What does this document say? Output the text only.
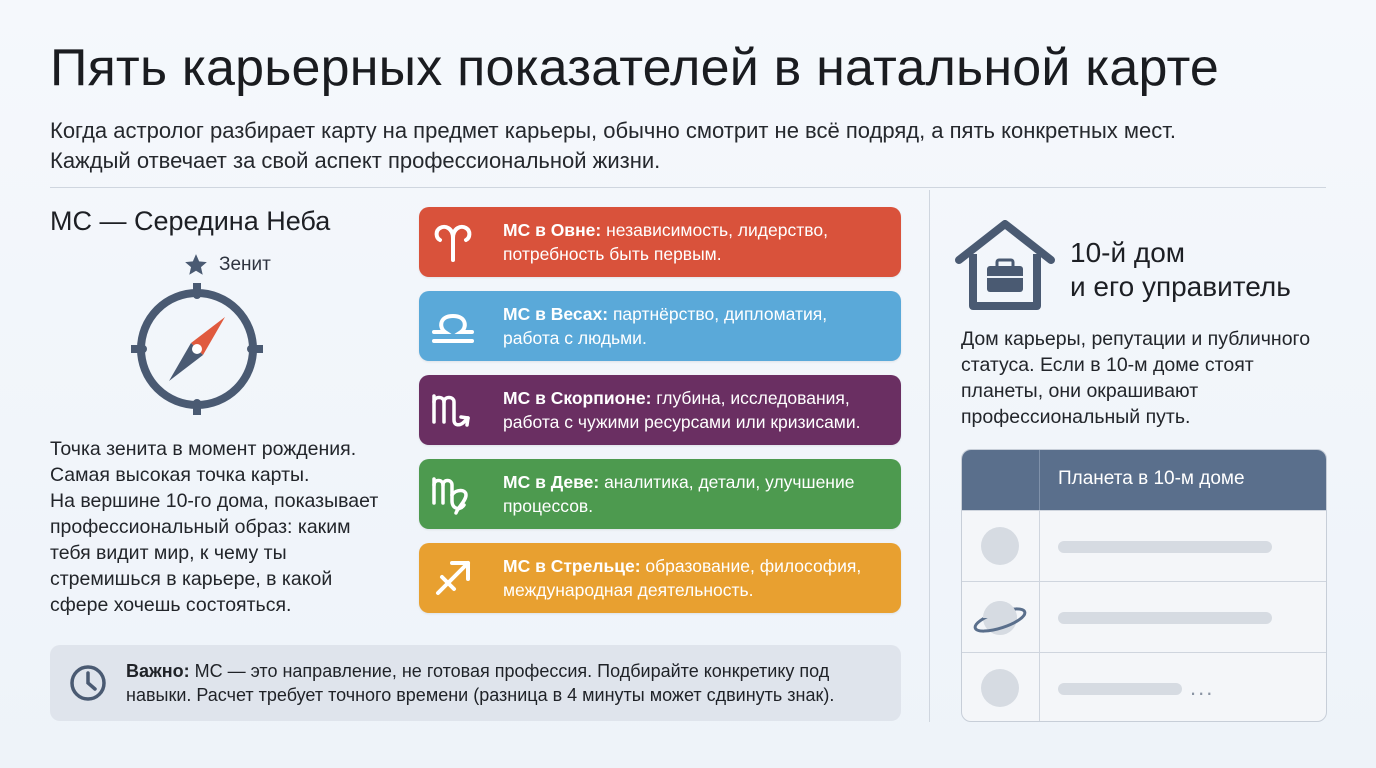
Пять карьерных показателей в натальной карте
Когда астролог разбирает карту на предмет карьеры, обычно смотрит не всё подряд, а пять конкретных мест.
Каждый отвечает за свой аспект профессиональной жизни.
МС — Середина Неба
Зенит
Точка зенита в момент рождения.
Самая высокая точка карты.
На вершине 10-го дома, показывает
профессиональный образ: каким
тебя видит мир, к чему ты
стремишься в карьере, в какой
сфере хочешь состояться.
МС в Овне: независимость, лидерство,
потребность быть первым.
МС в Весах: партнёрство, дипломатия,
работа с людьми.
МС в Скорпионе: глубина, исследования,
работа с чужими ресурсами или кризисами.
МС в Деве: аналитика, детали, улучшение
процессов.
МС в Стрельце: образование, философия,
международная деятельность.
Важно: МС — это направление, не готовая профессия. Подбирайте конкретику под
навыки. Расчет требует точного времени (разница в 4 минуты может сдвинуть знак).
10-й дом
и его управитель
Дом карьеры, репутации и публичного
статуса. Если в 10-м доме стоят
планеты, они окрашивают
профессиональный путь.
Планета в 10-м доме
...
